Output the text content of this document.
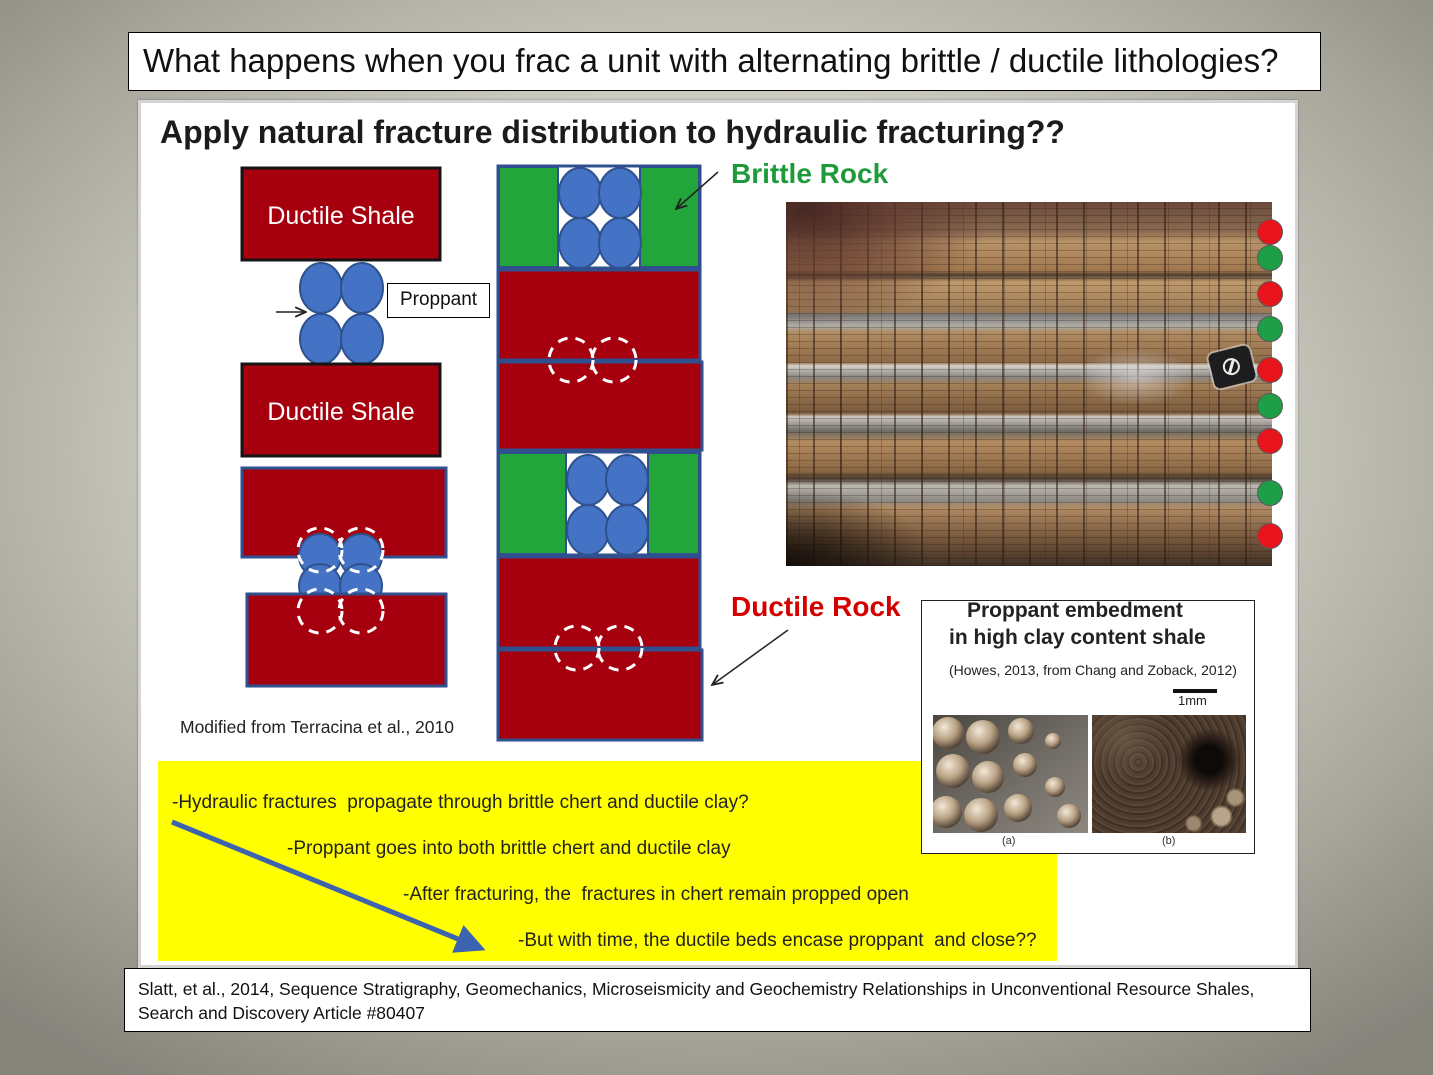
What happens when you frac a unit with alternating brittle / ductile lithologies?
Apply natural fracture distribution to hydraulic fracturing??
Ductile Shale
Ductile Shale
Proppant
Modified from Terracina et al., 2010
Brittle Rock
Ductile Rock
-Hydraulic fractures  propagate through brittle chert and ductile clay?
-Proppant goes into both brittle chert and ductile clay
-After fracturing, the  fractures in chert remain propped open
-But with time, the ductile beds encase proppant  and close??
Proppant embedment
in high clay content shale
(Howes, 2013, from Chang and Zoback, 2012)
1mm
(a)	(b)
Slatt, et al., 2014, Sequence Stratigraphy, Geomechanics, Microseismicity and Geochemistry Relationships in Unconventional Resource Shales,
Search and Discovery Article #80407
